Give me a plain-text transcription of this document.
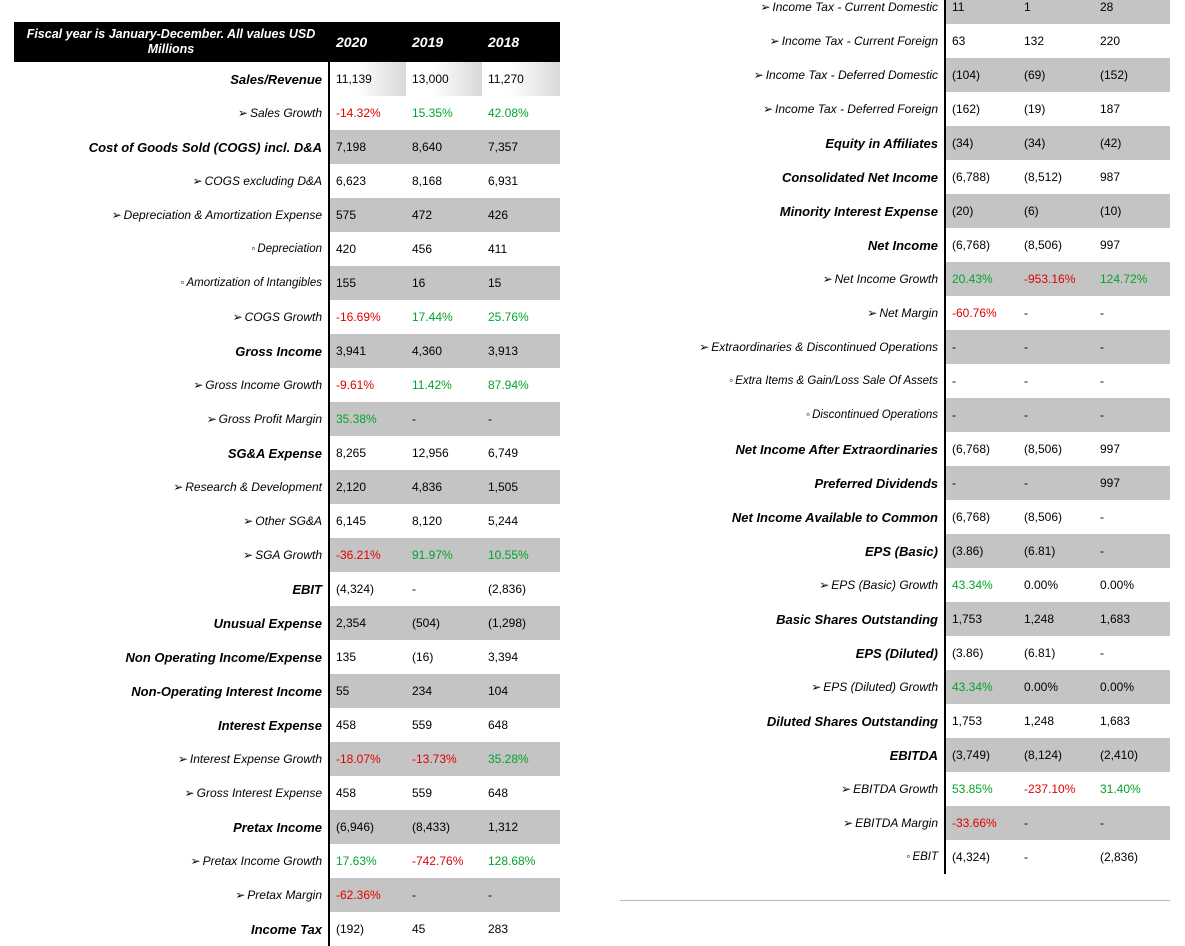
Fiscal year is January-December. All values USD Millions		2020	2019	2018
Sales/Revenue		11,139	13,000	11,270
➢Sales Growth		-14.32%	15.35%	42.08%
Cost of Goods Sold (COGS) incl. D&A		7,198	8,640	7,357
➢COGS excluding D&A		6,623	8,168	6,931
➢Depreciation & Amortization Expense		575	472	426
◦Depreciation		420	456	411
◦Amortization of Intangibles		155	16	15
➢COGS Growth		-16.69%	17.44%	25.76%
Gross Income		3,941	4,360	3,913
➢Gross Income Growth		-9.61%	11.42%	87.94%
➢Gross Profit Margin		35.38%	-	-
SG&A Expense		8,265	12,956	6,749
➢Research & Development		2,120	4,836	1,505
➢Other SG&A		6,145	8,120	5,244
➢SGA Growth		-36.21%	91.97%	10.55%
EBIT		(4,324)	-	(2,836)
Unusual Expense		2,354	(504)	(1,298)
Non Operating Income/Expense		135	(16)	3,394
Non-Operating Interest Income		55	234	104
Interest Expense		458	559	648
➢Interest Expense Growth		-18.07%	-13.73%	35.28%
➢Gross Interest Expense		458	559	648
Pretax Income		(6,946)	(8,433)	1,312
➢Pretax Income Growth		17.63%	-742.76%	128.68%
➢Pretax Margin		-62.36%	-	-
Income Tax		(192)	45	283
➢Income Tax - Current Domestic		11	1	28
➢Income Tax - Current Foreign		63	132	220
➢Income Tax - Deferred Domestic		(104)	(69)	(152)
➢Income Tax - Deferred Foreign		(162)	(19)	187
Equity in Affiliates		(34)	(34)	(42)
Consolidated Net Income		(6,788)	(8,512)	987
Minority Interest Expense		(20)	(6)	(10)
Net Income		(6,768)	(8,506)	997
➢Net Income Growth		20.43%	-953.16%	124.72%
➢Net Margin		-60.76%	-	-
➢Extraordinaries & Discontinued Operations		-	-	-
◦Extra Items & Gain/Loss Sale Of Assets		-	-	-
◦Discontinued Operations		-	-	-
Net Income After Extraordinaries		(6,768)	(8,506)	997
Preferred Dividends		-	-	997
Net Income Available to Common		(6,768)	(8,506)	-
EPS (Basic)		(3.86)	(6.81)	-
➢EPS (Basic) Growth		43.34%	0.00%	0.00%
Basic Shares Outstanding		1,753	1,248	1,683
EPS (Diluted)		(3.86)	(6.81)	-
➢EPS (Diluted) Growth		43.34%	0.00%	0.00%
Diluted Shares Outstanding		1,753	1,248	1,683
EBITDA		(3,749)	(8,124)	(2,410)
➢EBITDA Growth		53.85%	-237.10%	31.40%
➢EBITDA Margin		-33.66%	-	-
◦EBIT		(4,324)	-	(2,836)
